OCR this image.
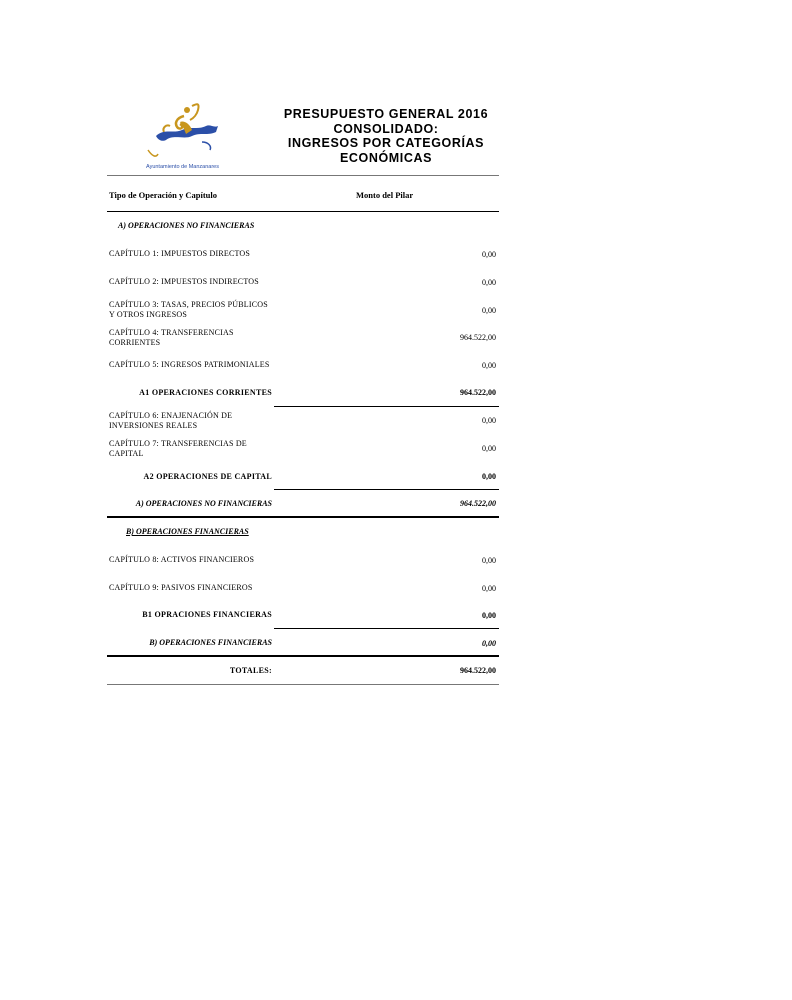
Ayuntamiento de Manzanares
PRESUPUESTO GENERAL 2016
CONSOLIDADO:
INGRESOS POR CATEGORÍAS
ECONÓMICAS
Tipo de Operación y Capítulo	Monto del Pilar
A) OPERACIONES NO FINANCIERAS
CAPÍTULO 1: IMPUESTOS DIRECTOS	0,00
CAPÍTULO 2: IMPUESTOS INDIRECTOS	0,00
CAPÍTULO 3: TASAS, PRECIOS PÚBLICOS Y OTROS INGRESOS	0,00
CAPÍTULO 4: TRANSFERENCIAS CORRIENTES	964.522,00
CAPÍTULO 5: INGRESOS PATRIMONIALES	0,00
A1 OPERACIONES CORRIENTES	964.522,00
CAPÍTULO 6: ENAJENACIÓN DE INVERSIONES REALES	0,00
CAPÍTULO 7: TRANSFERENCIAS DE CAPITAL	0,00
A2 OPERACIONES DE CAPITAL	0,00
A) OPERACIONES NO FINANCIERAS	964.522,00
B) OPERACIONES FINANCIERAS
CAPÍTULO 8: ACTIVOS FINANCIEROS	0,00
CAPÍTULO 9: PASIVOS FINANCIEROS	0,00
B1 OPRACIONES FINANCIERAS	0,00
B) OPERACIONES FINANCIERAS	0,00
TOTALES:	964.522,00
